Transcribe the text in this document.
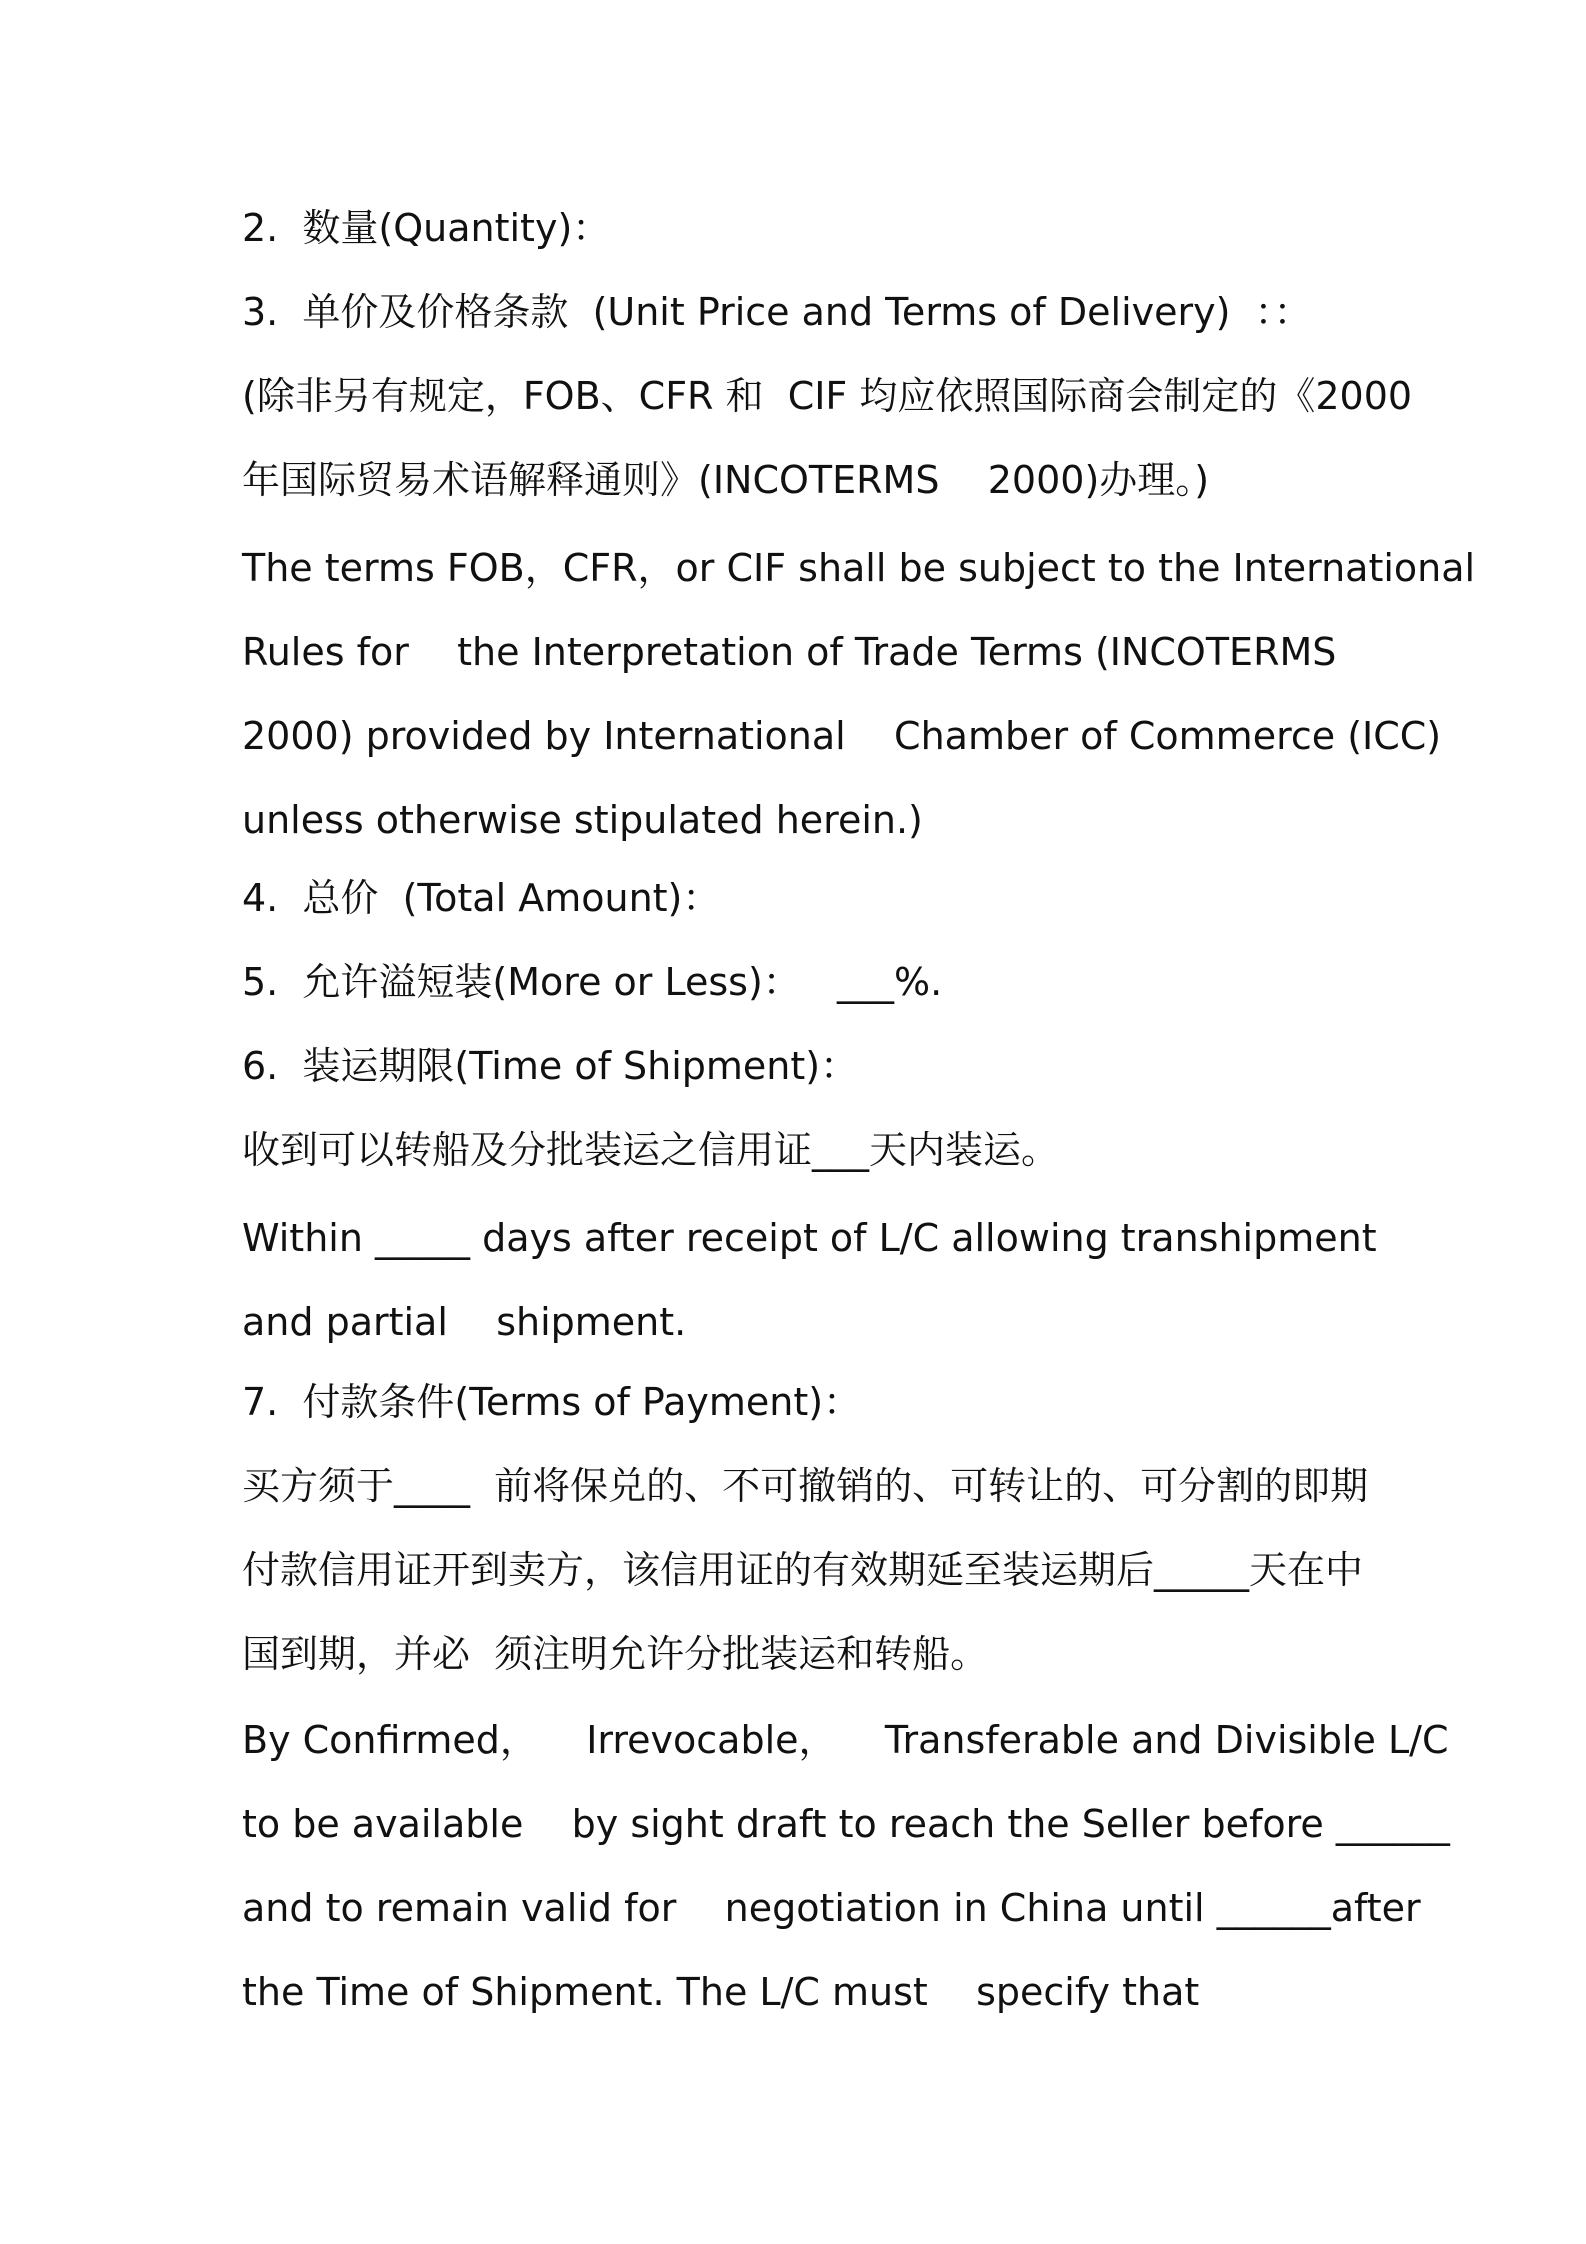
2.  数量(Quantity)：
3.  单价及价格条款  (Unit Price and Terms of Delivery)  ：：
(除非另有规定，FOB、CFR 和  CIF 均应依照国际商会制定的《2000
年国际贸易术语解释通则》(INCOTERMS    2000)办理。)
The terms FOB，CFR，or CIF shall be subject to the International
Rules for    the Interpretation of Trade Terms (INCOTERMS
2000) provided by International    Chamber of Commerce (ICC)
unless otherwise stipulated herein.)
4.  总价  (Total Amount)：
5.  允许溢短装(More or Less)：   ___%.
6.  装运期限(Time of Shipment)：
收到可以转船及分批装运之信用证___天内装运。
Within _____ days after receipt of L/C allowing transhipment
and partial    shipment.
7.  付款条件(Terms of Payment)：
买方须于____  前将保兑的、不可撤销的、可转让的、可分割的即期
付款信用证开到卖方，该信用证的有效期延至装运期后_____天在中
国到期，并必  须注明允许分批装运和转船。
By Confirmed，    Irrevocable，    Transferable and Divisible L/C
to be available    by sight draft to reach the Seller before ______
and to remain valid for    negotiation in China until ______after
the Time of Shipment. The L/C must    specify that
